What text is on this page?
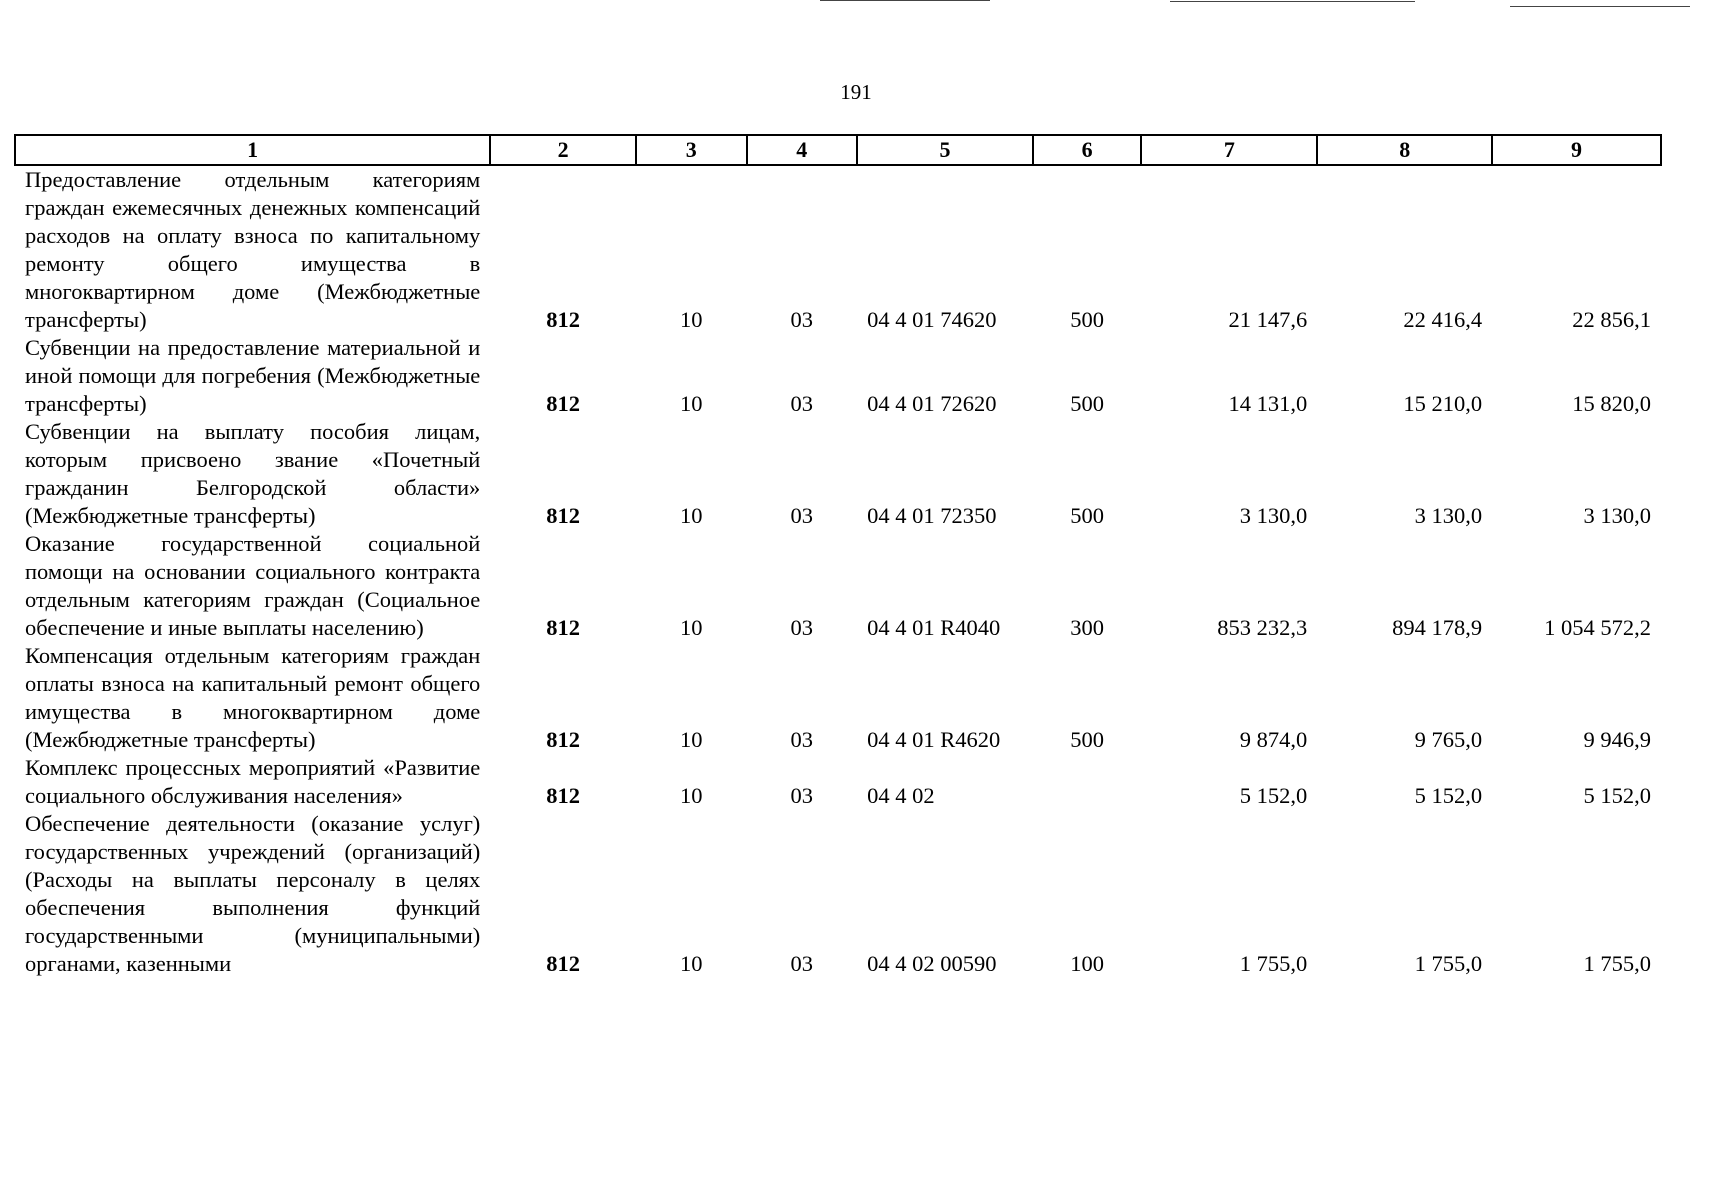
191
1	2	3	4	5	6	7	8	9
Предоставление отдельным категориям граждан ежемесячных денежных компенсаций расходов на оплату взноса по капитальному ремонту общего имущества в многоквартирном доме (Межбюджетные трансферты)	812	10	03	04 4 01 74620	500	21 147,6	22 416,4	22 856,1
Субвенции на предоставление материальной и иной помощи для погребения (Межбюджетные трансферты)	812	10	03	04 4 01 72620	500	14 131,0	15 210,0	15 820,0
Субвенции на выплату пособия лицам, которым присвоено звание «Почетный гражданин Белгородской области» (Межбюджетные трансферты)	812	10	03	04 4 01 72350	500	3 130,0	3 130,0	3 130,0
Оказание государственной социальной помощи на основании социального контракта отдельным категориям граждан (Социальное обеспечение и иные выплаты населению)	812	10	03	04 4 01 R4040	300	853 232,3	894 178,9	1 054 572,2
Компенсация отдельным категориям граждан оплаты взноса на капитальный ремонт общего имущества в многоквартирном доме (Межбюджетные трансферты)	812	10	03	04 4 01 R4620	500	9 874,0	9 765,0	9 946,9
Комплекс процессных мероприятий «Развитие социального обслуживания населения»	812	10	03	04 4 02		5 152,0	5 152,0	5 152,0
Обеспечение деятельности (оказание услуг) государственных учреждений (организаций) (Расходы на выплаты персоналу в целях обеспечения выполнения функций государственными (муниципальными) органами, казенными	812	10	03	04 4 02 00590	100	1 755,0	1 755,0	1 755,0
